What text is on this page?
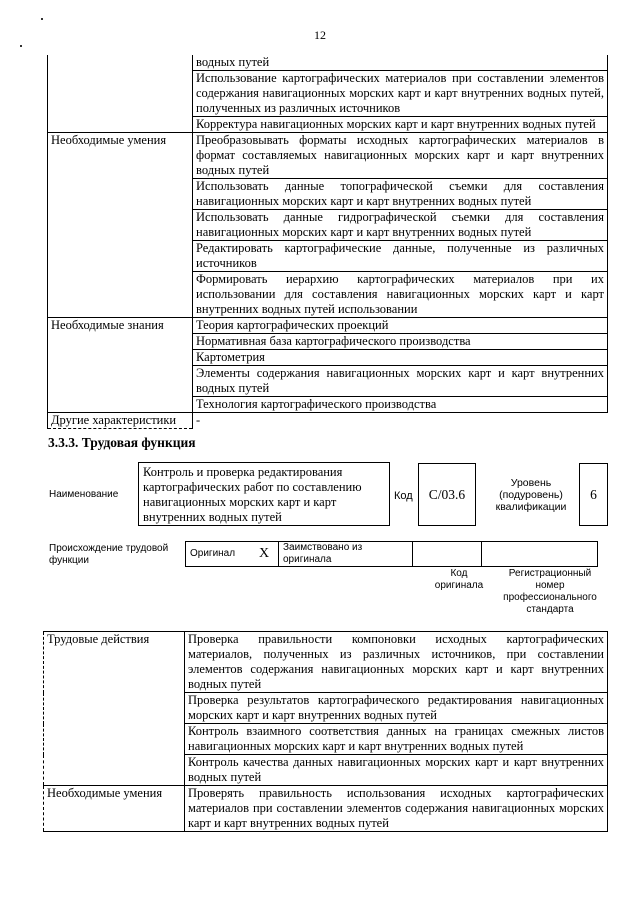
12
	водных путей
	Использование картографических материалов при составлении элементов содержания навигационных морских карт и карт внутренних водных путей, полученных из различных источников
	Корректура навигационных морских карт и карт внутренних водных путей
Необходимые умения	Преобразовывать форматы исходных картографических материалов в формат составляемых навигационных морских карт и карт внутренних водных путей
	Использовать данные топографической съемки для составления навигационных морских карт и карт внутренних водных путей
	Использовать данные гидрографической съемки для составления навигационных морских карт и карт внутренних водных путей
	Редактировать картографические данные, полученные из различных источников
	Формировать иерархию картографических материалов при их использовании для составления навигационных морских карт и карт внутренних водных путей использовании
Необходимые знания	Теория картографических проекций
	Нормативная база картографического производства
	Картометрия
	Элементы содержания навигационных морских карт и карт внутренних водных путей
	Технология картографического производства
Другие характеристики	-
3.3.3. Трудовая функция
Наименование
Контроль и проверка редактирования картографических работ по составлению навигационных морских карт и карт внутренних водных путей
Код	С/03.6
Уровень (подуровень) квалификации
6
Происхождение трудовой функции
Оригинал	Х	Заимствовано из оригинала		
Код оригинала
Регистрационный номер профессионального стандарта
Трудовые действия	Проверка правильности компоновки исходных картографических материалов, полученных из различных источников, при составлении элементов содержания навигационных морских карт и карт внутренних водных путей
	Проверка результатов картографического редактирования навигационных морских карт и карт внутренних водных путей
	Контроль взаимного соответствия данных на границах смежных листов навигационных морских карт и карт внутренних водных путей
	Контроль качества данных навигационных морских карт и карт внутренних водных путей
Необходимые умения	Проверять правильность использования исходных картографических материалов при составлении элементов содержания навигационных морских карт и карт внутренних водных путей
